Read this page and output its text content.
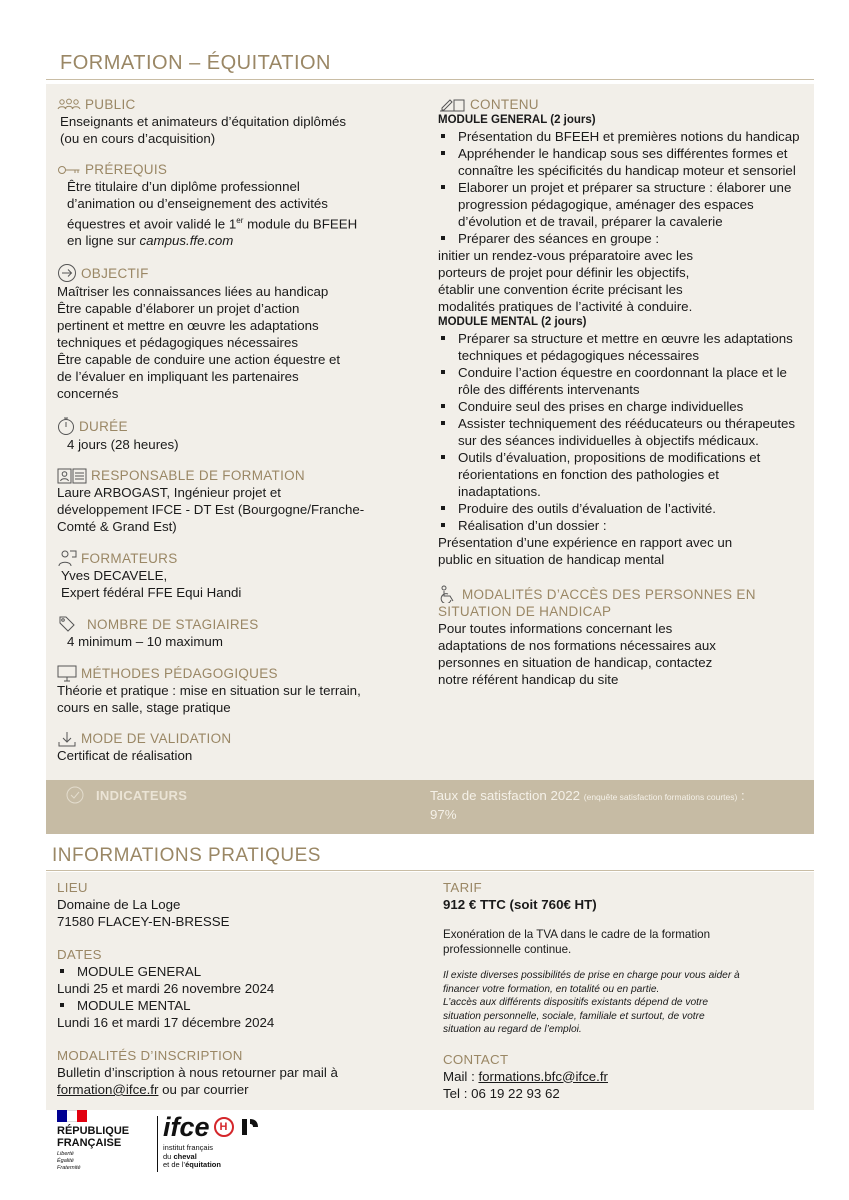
FORMATION – ÉQUITATION
PUBLIC
Enseignants et animateurs d’équitation diplômés
(ou en cours d’acquisition)
PRÉREQUIS
Être titulaire d’un diplôme professionnel
d’animation ou d’enseignement des activités
équestres et avoir validé le 1er module du BFEEH
en ligne sur campus.ffe.com
OBJECTIF
Maîtriser les connaissances liées au handicap
Être capable d’élaborer un projet d’action
pertinent et mettre en œuvre les adaptations
techniques et pédagogiques nécessaires
Être capable de conduire une action équestre et
de l’évaluer en impliquant les partenaires
concernés
DURÉE
4 jours (28 heures)
RESPONSABLE DE FORMATION
Laure ARBOGAST, Ingénieur projet et
développement IFCE - DT Est (Bourgogne/Franche-
Comté & Grand Est)
FORMATEURS
Yves DECAVELE,
Expert fédéral FFE Equi Handi
NOMBRE DE STAGIAIRES
4 minimum – 10 maximum
MÉTHODES PÉDAGOGIQUES
Théorie et pratique : mise en situation sur le terrain,
cours en salle, stage pratique
MODE DE VALIDATION
Certificat de réalisation
CONTENU
MODULE GENERAL (2 jours)
Présentation du BFEEH et premières notions du handicap
Appréhender le handicap sous ses différentes formes et connaître les spécificités du handicap moteur et sensoriel
Elaborer un projet et préparer sa structure : élaborer une progression pédagogique, aménager des espaces d’évolution et de travail, préparer la cavalerie
Préparer des séances en groupe :
initier un rendez-vous préparatoire avec les
porteurs de projet pour définir les objectifs,
établir une convention écrite précisant les
modalités pratiques de l’activité à conduire.
MODULE MENTAL (2 jours)
Préparer sa structure et mettre en œuvre les adaptations techniques et pédagogiques nécessaires
Conduire l’action équestre en coordonnant la place et le rôle des différents intervenants
Conduire seul des prises en charge individuelles
Assister techniquement des rééducateurs ou thérapeutes sur des séances individuelles à objectifs médicaux.
Outils d’évaluation, propositions de modifications et réorientations en fonction des pathologies et inadaptations.
Produire des outils d’évaluation de l’activité.
Réalisation d’un dossier :
Présentation d’une expérience en rapport avec un
public en situation de handicap mental
MODALITÉS D’ACCÈS DES PERSONNES EN
SITUATION DE HANDICAP
Pour toutes informations concernant les
adaptations de nos formations nécessaires aux
personnes en situation de handicap, contactez
notre référent handicap du site
INDICATEURS	Taux de satisfaction 2022 (enquête satisfaction formations courtes) :
97%
INFORMATIONS PRATIQUES
LIEU
Domaine de La Loge
71580 FLACEY-EN-BRESSE
DATES
MODULE GENERAL
Lundi 25 et mardi 26 novembre 2024
MODULE MENTAL
Lundi 16 et mardi 17 décembre 2024
MODALITÉS D’INSCRIPTION
Bulletin d’inscription à nous retourner par mail à
formation@ifce.fr ou par courrier
TARIF
912 € TTC (soit 760€ HT)
Exonération de la TVA dans le cadre de la formation
professionnelle continue.
Il existe diverses possibilités de prise en charge pour vous aider à
financer votre formation, en totalité ou en partie.
L’accès aux différents dispositifs existants dépend de votre
situation personnelle, sociale, familiale et surtout, de votre
situation au regard de l’emploi.
CONTACT
Mail : formations.bfc@ifce.fr
Tel : 06 19 22 93 62
RÉPUBLIQUE
FRANÇAISE
Liberté
Égalité
Fraternité
ifce H
institut français
du cheval
et de l’équitation
